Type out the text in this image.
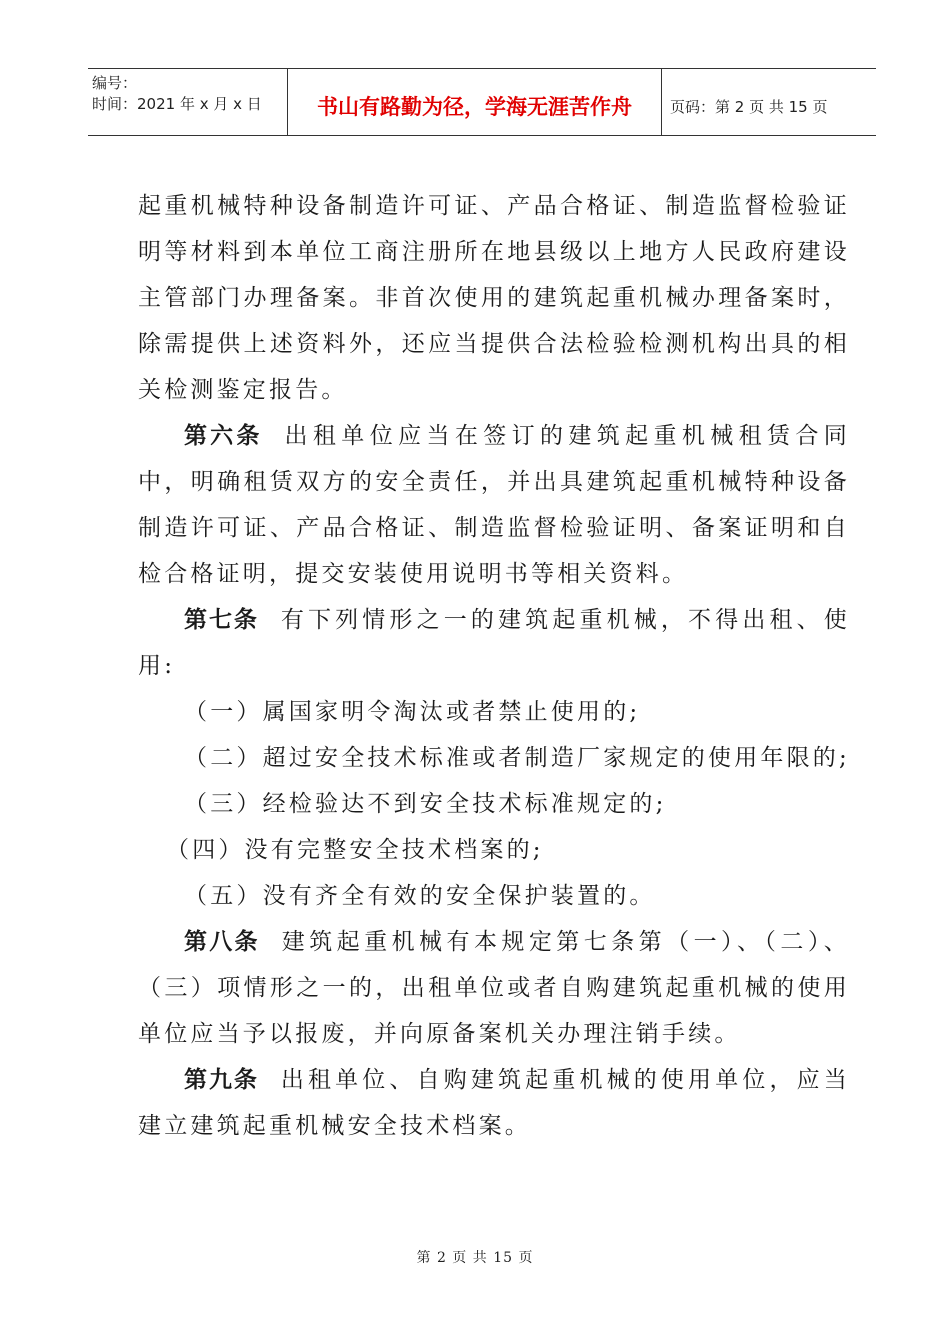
编号：
时间：2021 年 x 月 x 日	书山有路勤为径，学海无涯苦作舟	页码：第 2 页 共 15 页

起重机械特种设备制造许可证、产品合格证、制造监督检验证明等材料到本单位工商注册所在地县级以上地方人民政府建设主管部门办理备案。非首次使用的建筑起重机械办理备案时，除需提供上述资料外，还应当提供合法检验检测机构出具的相关检测鉴定报告。

第六条 出租单位应当在签订的建筑起重机械租赁合同中，明确租赁双方的安全责任，并出具建筑起重机械特种设备制造许可证、产品合格证、制造监督检验证明、备案证明和自检合格证明，提交安装使用说明书等相关资料。

第七条 有下列情形之一的建筑起重机械，不得出租、使用:

（一）属国家明令淘汰或者禁止使用的;

（二）超过安全技术标准或者制造厂家规定的使用年限的;

（三）经检验达不到安全技术标准规定的;

（四）没有完整安全技术档案的;

（五）没有齐全有效的安全保护装置的。

第八条 建筑起重机械有本规定第七条第（一）、（二）、（三）项情形之一的，出租单位或者自购建筑起重机械的使用单位应当予以报废，并向原备案机关办理注销手续。

第九条 出租单位、自购建筑起重机械的使用单位，应当建立建筑起重机械安全技术档案。

第 2 页 共 15 页
